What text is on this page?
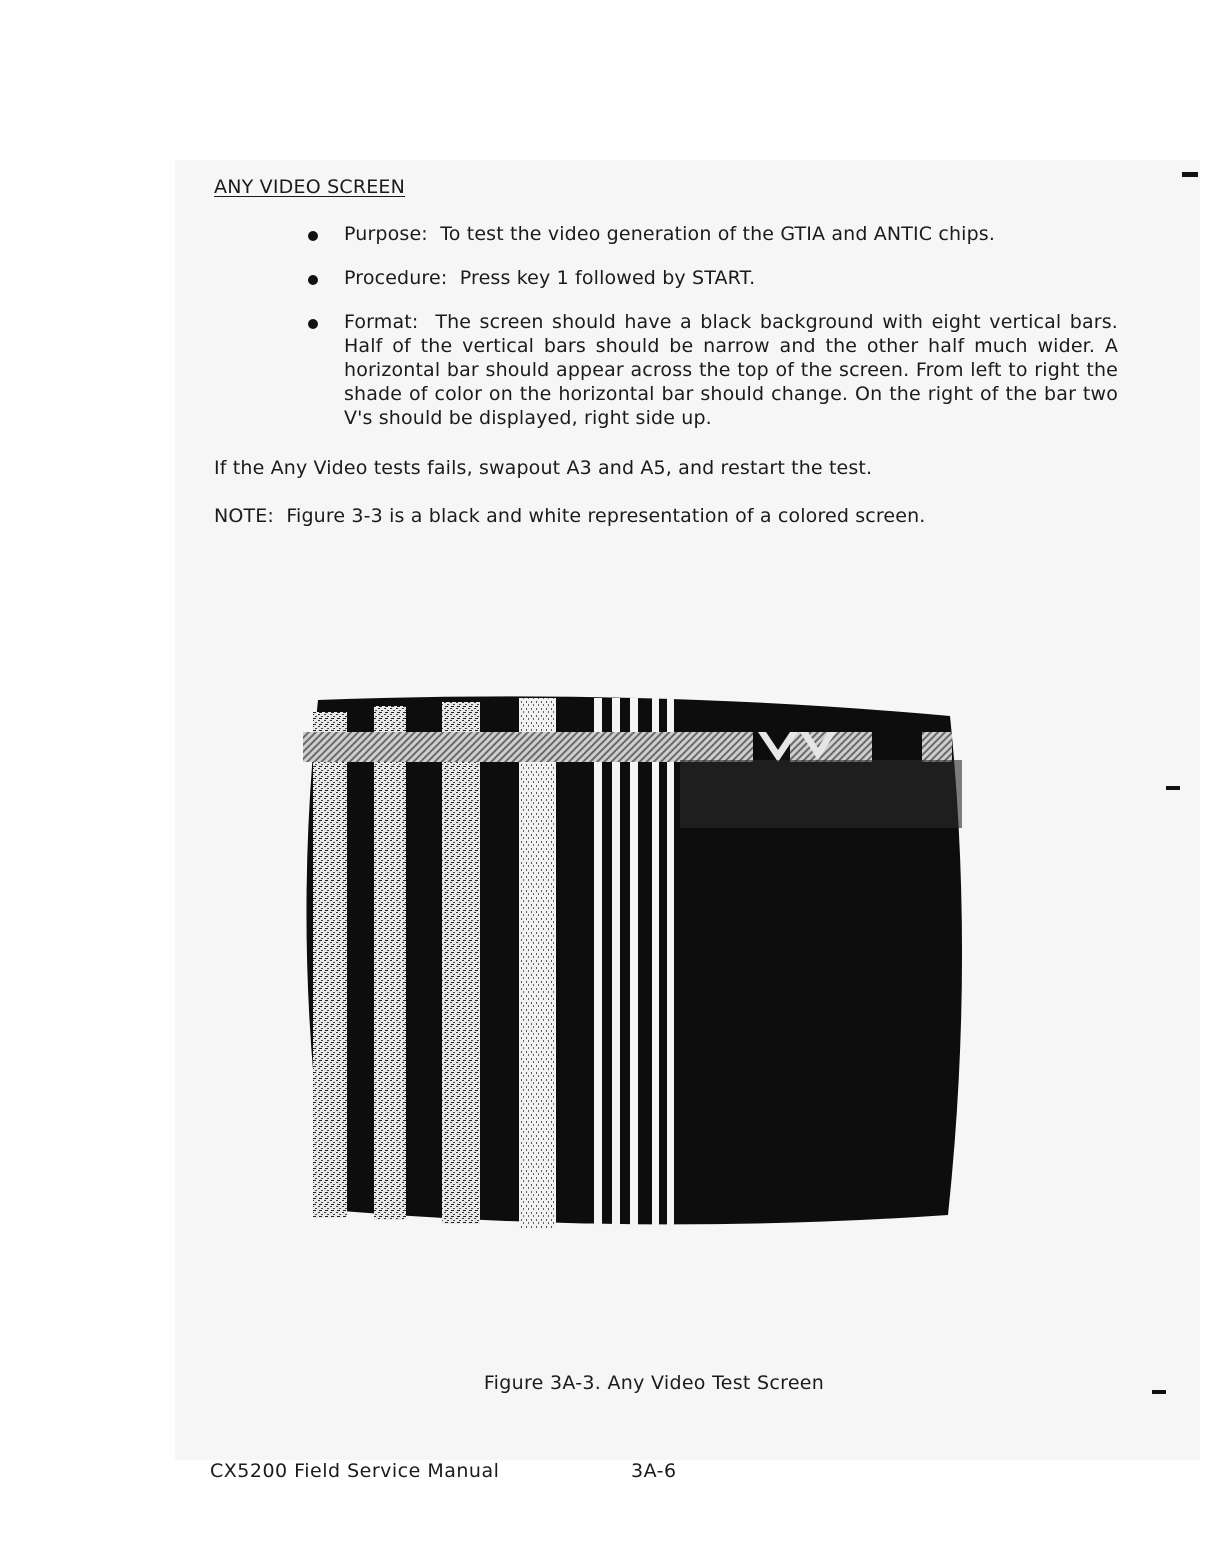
ANY VIDEO SCREEN
Purpose: To test the video generation of the GTIA and ANTIC chips.
Procedure: Press key 1 followed by START.
Format: The screen should have a black background with eight vertical bars. Half of the vertical bars should be narrow and the other half much wider. A horizontal bar should appear across the top of the screen. From left to right the shade of color on the horizontal bar should change. On the right of the bar two V's should be displayed, right side up.
If the Any Video tests fails, swapout A3 and A5, and restart the test.
NOTE: Figure 3-3 is a black and white representation of a colored screen.
Figure 3A-3. Any Video Test Screen
CX5200 Field Service Manual	3A-6
